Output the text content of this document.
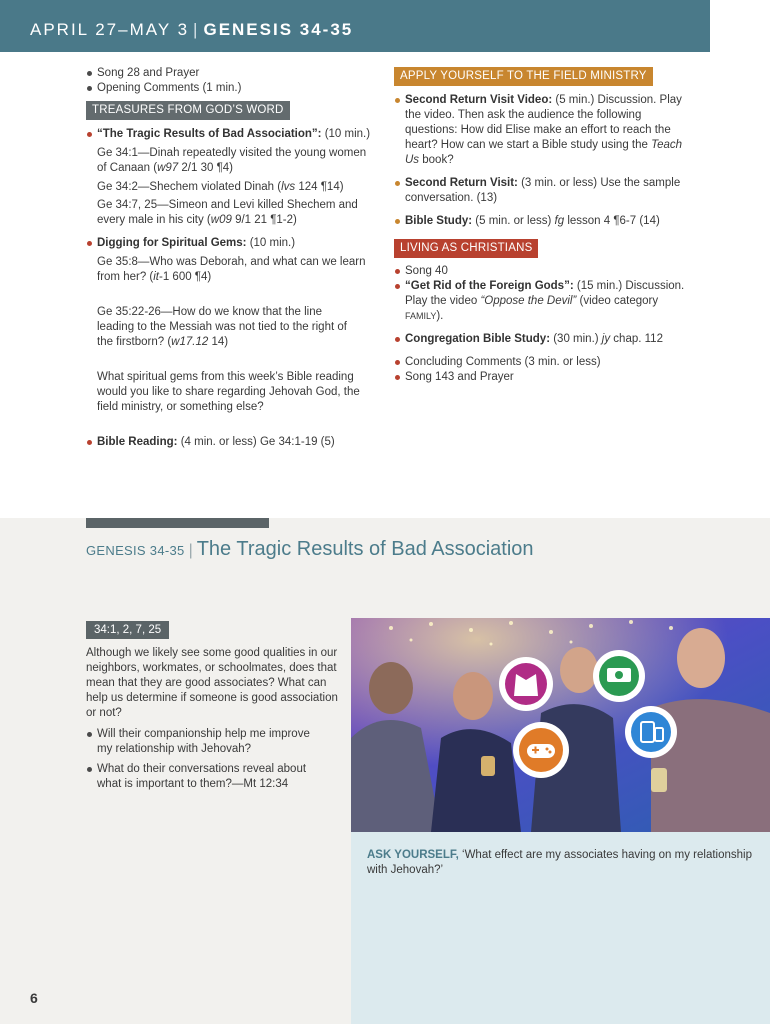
APRIL 27–MAY 3 | GENESIS 34-35
Song 28 and Prayer
Opening Comments (1 min.)
TREASURES FROM GOD’S WORD
“The Tragic Results of Bad Association”: (10 min.)
Ge 34:1—Dinah repeatedly visited the young women of Canaan (w97 2/1 30 ¶4)
Ge 34:2—Shechem violated Dinah (lvs 124 ¶14)
Ge 34:7, 25—Simeon and Levi killed Shechem and every male in his city (w09 9/1 21 ¶1-2)
Digging for Spiritual Gems: (10 min.)
Ge 35:8—Who was Deborah, and what can we learn from her? (it-1 600 ¶4)
Ge 35:22-26—How do we know that the line leading to the Messiah was not tied to the right of the firstborn? (w17.12 14)
What spiritual gems from this week’s Bible reading would you like to share regarding Jehovah God, the field ministry, or something else?
Bible Reading: (4 min. or less) Ge 34:1-19 (5)
APPLY YOURSELF TO THE FIELD MINISTRY
Second Return Visit Video: (5 min.) Discussion. Play the video. Then ask the audience the following questions: How did Elise make an effort to reach the heart? How can we start a Bible study using the Teach Us book?
Second Return Visit: (3 min. or less) Use the sample conversation. (13)
Bible Study: (5 min. or less) fg lesson 4 ¶6-7 (14)
LIVING AS CHRISTIANS
Song 40
“Get Rid of the Foreign Gods”: (15 min.) Discussion. Play the video “Oppose the Devil” (video category FAMILY).
Congregation Bible Study: (30 min.) jy chap. 112
Concluding Comments (3 min. or less)
Song 143 and Prayer
GENESIS 34-35 | The Tragic Results of Bad Association
34:1, 2, 7, 25
Although we likely see some good qualities in our neighbors, workmates, or schoolmates, does that mean that they are good associates? What can help us determine if someone is good association or not?
Will their companionship help me improve my relationship with Jehovah?
What do their conversations reveal about what is important to them?—Mt 12:34
ASK YOURSELF, ‘What effect are my associates having on my relationship with Jehovah?’
6
